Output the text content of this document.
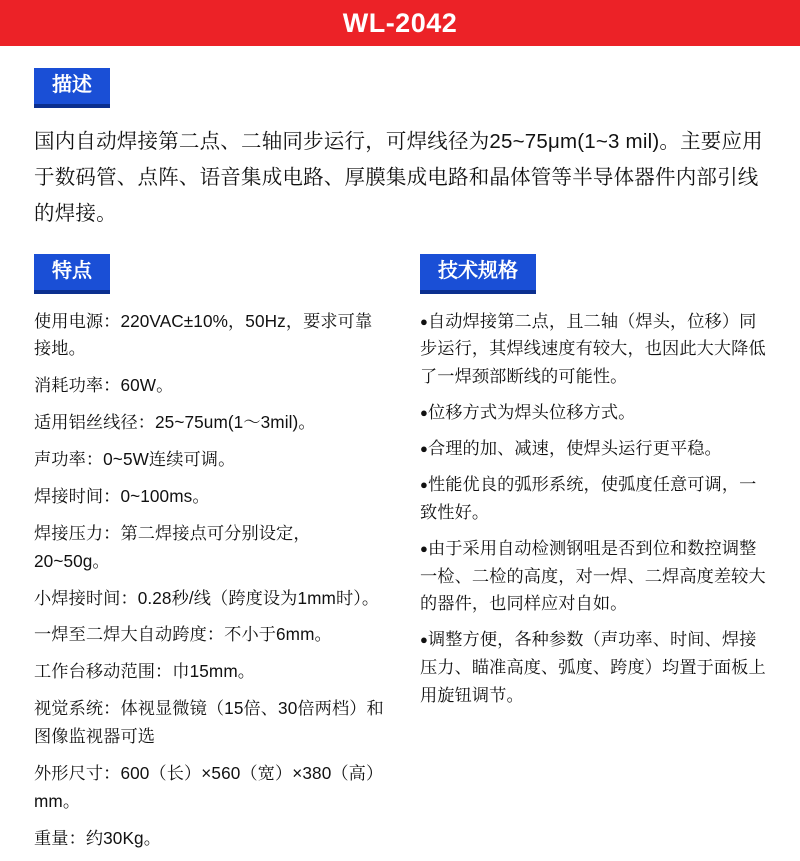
WL-2042
描述
国内自动焊接第二点、二轴同步运行，可焊线径为25~75μm(1~3 mil)。主要应用于数码管、点阵、语音集成电路、厚膜集成电路和晶体管等半导体器件内部引线的焊接。
特点
使用电源：220VAC±10%，50Hz，要求可靠接地。
消耗功率：60W。
适用铝丝线径：25~75um(1～3mil)。
声功率：0~5W连续可调。
焊接时间：0~100ms。
焊接压力：第二焊接点可分别设定，20~50g。
小焊接时间：0.28秒/线（跨度设为1mm时）。
一焊至二焊大自动跨度：不小于6mm。
工作台移动范围：巾15mm。
视觉系统：体视显微镜（15倍、30倍两档）和图像监视器可选
外形尺寸：600（长）×560（宽）×380（高）mm。
重量：约30Kg。
技术规格
●自动焊接第二点，且二轴（焊头，位移）同步运行，其焊线速度有较大，也因此大大降低了一焊颈部断线的可能性。
●位移方式为焊头位移方式。
●合理的加、减速，使焊头运行更平稳。
●性能优良的弧形系统，使弧度任意可调，一致性好。
●由于采用自动检测钢咀是否到位和数控调整一检、二检的高度，对一焊、二焊高度差较大的器件，也同样应对自如。
●调整方便，各种参数（声功率、时间、焊接压力、瞄准高度、弧度、跨度）均置于面板上用旋钮调节。
